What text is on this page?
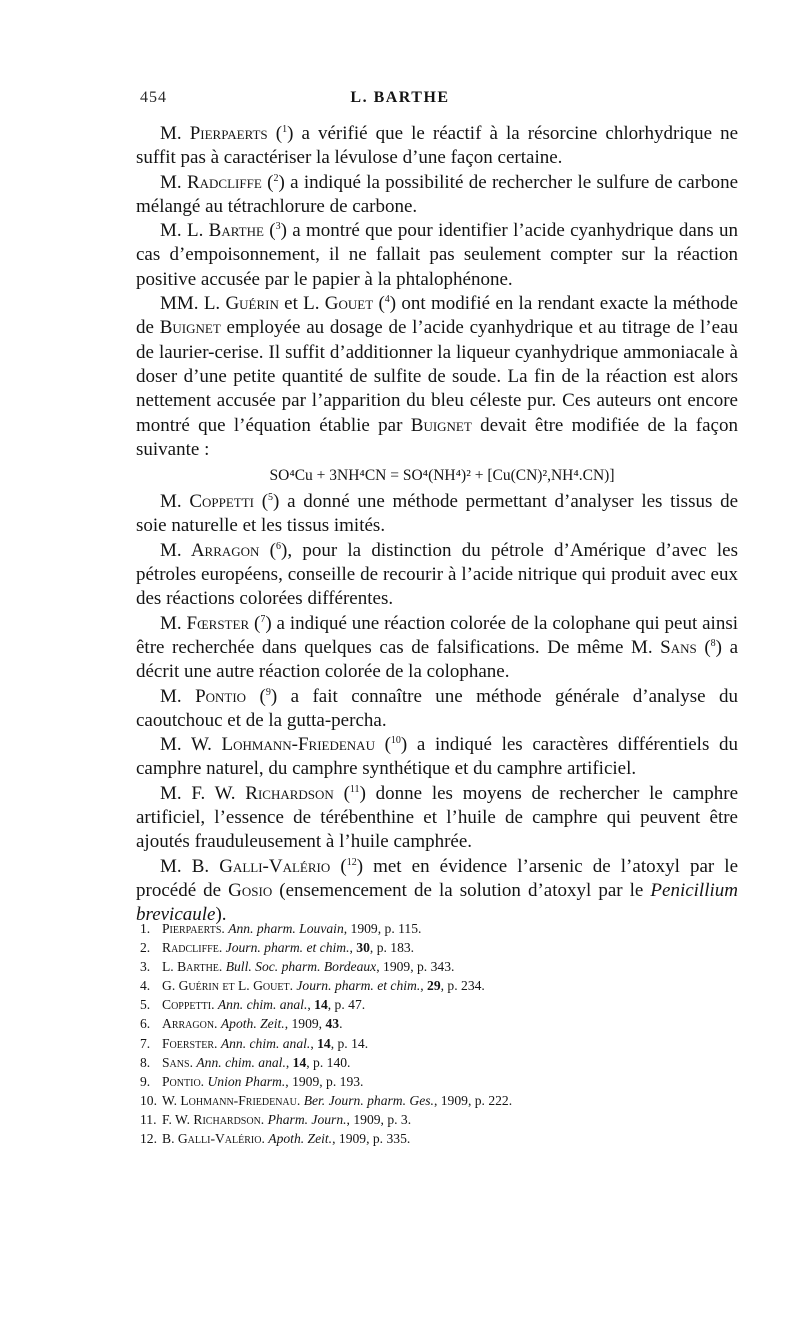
454	L. BARTHE

M. Pierpaerts ($^1$) a vérifié que le réactif à la résorcine chlorhydrique ne suffit pas à caractériser la lévulose d’une façon certaine.

M. Radcliffe ($^2$) a indiqué la possibilité de rechercher le sulfure de carbone mélangé au tétrachlorure de carbone.

M. L. Barthe ($^3$) a montré que pour identifier l’acide cyanhydrique dans un cas d’empoisonnement, il ne fallait pas seulement compter sur la réaction positive accusée par le papier à la phtalophénone.

MM. L. Guérin et L. Gouet ($^4$) ont modifié en la rendant exacte la méthode de Buignet employée au dosage de l’acide cyanhydrique et au titrage de l’eau de laurier-cerise. Il suffit d’additionner la liqueur cyanhydrique ammoniacale à doser d’une petite quantité de sulfite de soude. La fin de la réaction est alors nettement accusée par l’apparition du bleu céleste pur. Ces auteurs ont encore montré que l’équation établie par Buignet devait être modifiée de la façon suivante :

SO⁴Cu + 3NH⁴CN = SO⁴(NH⁴)² + [Cu(CN)²,NH⁴.CN)]

M. Coppetti ($^5$) a donné une méthode permettant d’analyser les tissus de soie naturelle et les tissus imités.

M. Arragon ($^6$), pour la distinction du pétrole d’Amérique d’avec les pétroles européens, conseille de recourir à l’acide nitrique qui produit avec eux des réactions colorées différentes.

M. Fœrster ($^7$) a indiqué une réaction colorée de la colophane qui peut ainsi être recherchée dans quelques cas de falsifications. De même M. Sans ($^8$) a décrit une autre réaction colorée de la colophane.

M. Pontio ($^9$) a fait connaître une méthode générale d’analyse du caoutchouc et de la gutta-percha.

M. W. Lohmann-Friedenau ($^{10}$) a indiqué les caractères différentiels du camphre naturel, du camphre synthétique et du camphre artificiel.

M. F. W. Richardson ($^{11}$) donne les moyens de rechercher le camphre artificiel, l’essence de térébenthine et l’huile de camphre qui peuvent être ajoutés frauduleusement à l’huile camphrée.

M. B. Galli-Valério ($^{12}$) met en évidence l’arsenic de l’atoxyl par le procédé de Gosio (ensemencement de la solution d’atoxyl par le Penicillium brevicaule).

1. Pierpaerts. Ann. pharm. Louvain, 1909, p. 115.

2. Radcliffe. Journ. pharm. et chim., 30, p. 183.

3. L. Barthe. Bull. Soc. pharm. Bordeaux, 1909, p. 343.

4. G. Guérin et L. Gouet. Journ. pharm. et chim., 29, p. 234.

5. Coppetti. Ann. chim. anal., 14, p. 47.

6. Arragon. Apoth. Zeit., 1909, 43.

7. Foerster. Ann. chim. anal., 14, p. 14.

8. Sans. Ann. chim. anal., 14, p. 140.

9. Pontio. Union Pharm., 1909, p. 193.

10. W. Lohmann-Friedenau. Ber. Journ. pharm. Ges., 1909, p. 222.

11. F. W. Richardson. Pharm. Journ., 1909, p. 3.

12. B. Galli-Valério. Apoth. Zeit., 1909, p. 335.
